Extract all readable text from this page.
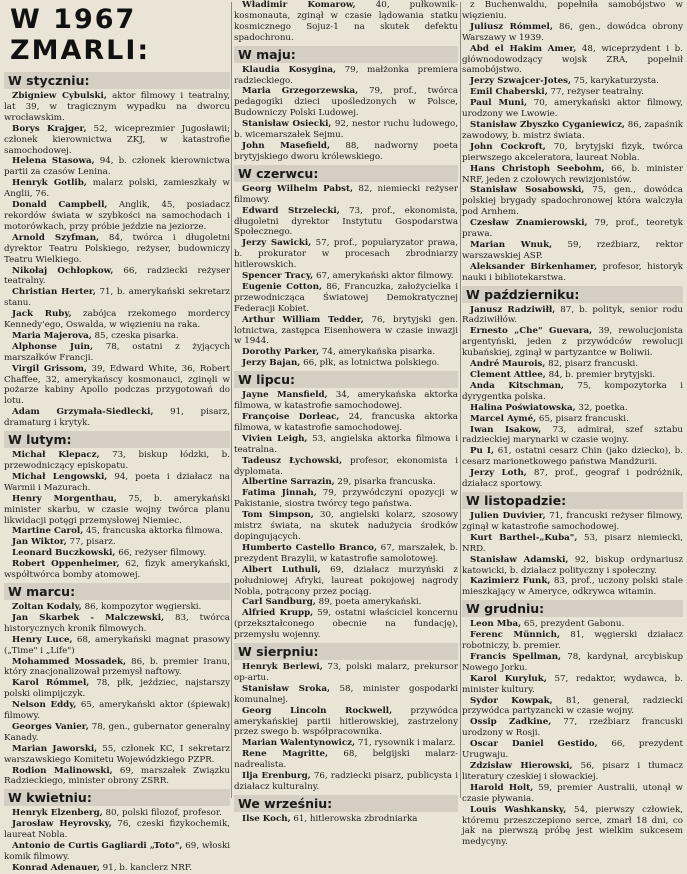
W 1967 ZMARLI:
W styczniu:

Zbigniew Cybulski, aktor filmowy i teatralny, lat 39, w tragicznym wypadku na dworcu wrocławskim.

Borys Krajger, 52, wiceprezmier Jugosławii; członek kierownictwa ZKJ, w katastrofie samochodowej.

Helena Stasowa, 94, b. członek kierownictwa partii za czasów Lenina.

Henryk Gotlib, malarz polski, zamieszkały w Anglii, 76.

Donald Campbell, Anglik, 45, posiadacz rekordów świata w szybkości na samochodach i motorówkach, przy próbie jeździe na jeziorze.

Arnold Szyfman, 84, twórca i długoletni dyrektor Teatru Polskiego, reżyser, budowniczy Teatru Wielkiego.

Nikołaj Ochłopkow, 66, radziecki reżyser teatralny.

Christian Herter, 71, b. amerykański sekretarz stanu.

Jack Ruby, zabójca rzekomego mordercy Kennedy'ego, Oswalda, w więzieniu na raka.

Maria Majerova, 85, czeska pisarka.

Alphonse Juin, 78, ostatni z żyjących marszałków Francji.

Virgil Grissom, 39, Edward White, 36, Robert Chaffee, 32, amerykańscy kosmonauci, zginęli w pożarze kabiny Apollo podczas przygotowań do lotu.

Adam Grzymała-Siedlecki, 91, pisarz, dramaturg i krytyk.

W lutym:

Michał Klepacz, 73, biskup łódzki, b. przewodniczący episkopatu.

Michał Lengowski, 94, poeta i działacz na Warmii i Mazurach.

Henry Morgenthau, 75, b. amerykański minister skarbu, w czasie wojny twórca planu likwidacji potęgi przemysłowej Niemiec.

Martine Carol, 45, francuska aktorka filmowa.

Jan Wiktor, 77, pisarz.

Leonard Buczkowski, 66, reżyser filmowy.

Robert Oppenheimer, 62, fizyk amerykański, współtwórca bomby atomowej.

W marcu:

Zoltan Kodaly, 86, kompozytor węgierski.

Jan Skarbek - Malczewski, 83, twórca historycznych kronik filmowych.

Henry Luce, 68, amerykański magnat prasowy („Time" i „Life")

Mohammed Mossadek, 86, b. premier Iranu, który znacjonalizował przemysł naftowy.

Karol Rómmel, 78, płk, jeździec, najstarszy polski olimpijczyk.

Nelson Eddy, 65, amerykański aktor (śpiewak) filmowy.

Georges Vanier, 78, gen., gubernator generalny Kanady.

Marian Jaworski, 55, członek KC, I sekretarz warszawskiego Komitetu Wojewódzkiego PZPR.

Rodion Malinowski, 69, marszałek Związku Radzieckiego, minister obrony ZSRR.

W kwietniu:

Henryk Elzenberg, 80, polski filozof, profesor.

Jarosław Heyrovsky, 76, czeski fizykochemik, laureat Nobla.

Antonio de Curtis Gagliardi „Toto", 69, włoski komik filmowy.

Konrad Adenauer, 91, b. kanclerz NRF.

Władimir Komarow, 40, pułkownik-kosmonauta, zginął w czasie lądowania statku kosmicznego Sojuz-1 na skutek defektu spadochronu.

W maju:

Klaudia Kosygina, 79, małżonka premiera radzieckiego.

Maria Grzegorzewska, 79, prof., twórca pedagogiki dzieci upośledzonych w Polsce, Budowniczy Polski Ludowej.

Stanisław Osiecki, 92, nestor ruchu ludowego, b. wicemarszałek Sejmu.

John Masefield, 88, nadworny poeta brytyjskiego dworu królewskiego.

W czerwcu:

Georg Wilhelm Pabst, 82, niemiecki reżyser filmowy.

Edward Strzelecki, 73, prof., ekonomista, długoletni dyrektor Instytutu Gospodarstwa Społecznego.

Jerzy Sawicki, 57, prof., popularyzator prawa, b. prokurator w procesach zbrodniarzy hitlerowskich.

Spencer Tracy, 67, amerykański aktor filmowy.

Eugenie Cotton, 86, Francuzka, założycielka i przewodnicząca Światowej Demokratycznej Federacji Kobiet.

Arthur William Tedder, 76, brytyjski gen. lotnictwa, zastępca Eisenhowera w czasie inwazji w 1944.

Dorothy Parker, 74, amerykańska pisarka.

Jerzy Bajan, 66, płk, as lotnictwa polskiego.

W lipcu:

Jayne Mansfield, 34, amerykańska aktorka filmowa, w katastrofie samochodowej.

Françoise Dorleac, 24, francuska aktorka filmowa, w katastrofie samochodowej.

Vivien Leigh, 53, angielska aktorka filmowa i teatralna.

Tadeusz Łychowski, profesor, ekonomista i dyplomata.

Albertine Sarrazin, 29, pisarka francuska.

Fatima Jinnah, 79, przywódczyni opozycji w Pakistanie, siostra twórcy tego państwa.

Tom Simpson, 30, angielski kolarz, szosowy mistrz świata, na skutek nadużycia środków dopingujących.

Humberto Castello Branco, 67, marszałek, b. prezydent Brazylii, w katastrofie samolotowej.

Albert Luthuli, 69, działacz murzyński z południowej Afryki, laureat pokojowej nagrody Nobla, potrącony przez pociąg.

Carl Sandburg, 89, poeta amerykański.

Alfried Krupp, 59, ostatni właściciel koncernu (przekształconego obecnie na fundację), przemysłu wojenny.

W sierpniu:

Henryk Berlewi, 73, polski malarz, prekursor op-artu.

Stanisław Sroka, 58, minister gospodarki komunalnej.

Georg Lincoln Rockwell, przywódca amerykańskiej partii hitlerowskiej, zastrzelony przez swego b. współpracownika.

Marian Walentynowicz, 71, rysownik i malarz.

Rene Magritte, 68, belgijski malarz-nadrealista.

Ilja Erenburg, 76, radziecki pisarz, publicysta i działacz kulturalny.

We wrześniu:

Ilse Koch, 61, hitlerowska zbrodniarka

z Buchenwaldu, popełniła samobójstwo w więzieniu.

Juliusz Rómmel, 86, gen., dowódca obrony Warszawy w 1939.

Abd el Hakim Amer, 48, wiceprzydent i b. głównodowodzący wojsk ZRA, popełnił samobójstwo.

Jerzy Szwajcer-Jotes, 75, karykaturzysta.

Emil Chaberski, 77, reżyser teatralny.

Paul Muni, 70, amerykański aktor filmowy, urodzony we Lwowie.

Stanisław Zbyszko Cyganiewicz, 86, zapaśnik zawodowy, b. mistrz świata.

John Cockroft, 70, brytyjski fizyk, twórca pierwszego akceleratora, laureat Nobla.

Hans Christoph Seebohm, 66, b. minister NRF, jeden z czołowych rewizjonistów.

Stanisław Sosabowski, 75, gen., dowódca polskiej brygady spadochronowej która walczyła pod Arnhem.

Czesław Znamierowski, 79, prof., teoretyk prawa.

Marian Wnuk, 59, rzeźbiarz, rektor warszawskiej ASP.

Aleksander Birkenhamer, profesor, historyk nauki i bibliotekarstwa.

W październiku:

Janusz Radziwiłł, 87, b. polityk, senior rodu Radziwiłłów.

Ernesto „Che" Guevara, 39, rewolucjonista argentyński, jeden z przywódców rewolucji kubańskiej, zginął w partyzantce w Boliwii.

André Maurois, 82, pisarz francuski.

Clement Attlee, 84, b. premier brytyjski.

Anda Kitschman, 75, kompozytorka i dyrygentka polska.

Halina Poświatowska, 32, poetka.

Marcel Aymé, 65, pisarz francuski.

Iwan Isakow, 73, admirał, szef sztabu radzieckiej marynarki w czasie wojny.

Pu I, 61, ostatni cesarz Chin (jako dziecko), b. cesarz marionetkowego państwa Mandżurii.

Jerzy Loth, 87, prof., geograf i podróżnik, działacz sportowy.

W listopadzie:

Julien Duvivier, 71, francuski reżyser filmowy, zginął w katastrofie samochodowej.

Kurt Barthel-„Kuba", 53, pisarz niemiecki, NRD.

Stanisław Adamski, 92, biskup ordynariusz katowicki, b. działacz polityczny i społeczny.

Kazimierz Funk, 83, prof., uczony polski stale mieszkający w Ameryce, odkrywca witamin.

W grudniu:

Leon Mba, 65, prezydent Gabonu.

Ferenc Münnich, 81, węgierski działacz robotniczy, b. premier.

Francis Spellman, 78, kardynał, arcybiskup Nowego Jorku.

Karol Kuryluk, 57, redaktor, wydawca, b. minister kultury.

Sydor Kowpak, 81, generał, radziecki przywódca partyzancki w czasie wojny.

Ossip Zadkine, 77, rzeźbiarz francuski urodzony w Rosji.

Oscar Daniel Gestido, 66, prezydent Urugwaju.

Zdzisław Hierowski, 56, pisarz i tłumacz literatury czeskiej i słowackiej.

Harold Holt, 59, premier Australii, utonął w czasie pływania.

Louis Washkansky, 54, pierwszy człowiek, któremu przeszczepiono serce, zmarł 18 dni, co jak na pierwszą próbę jest wielkim sukcesem medycyny.
